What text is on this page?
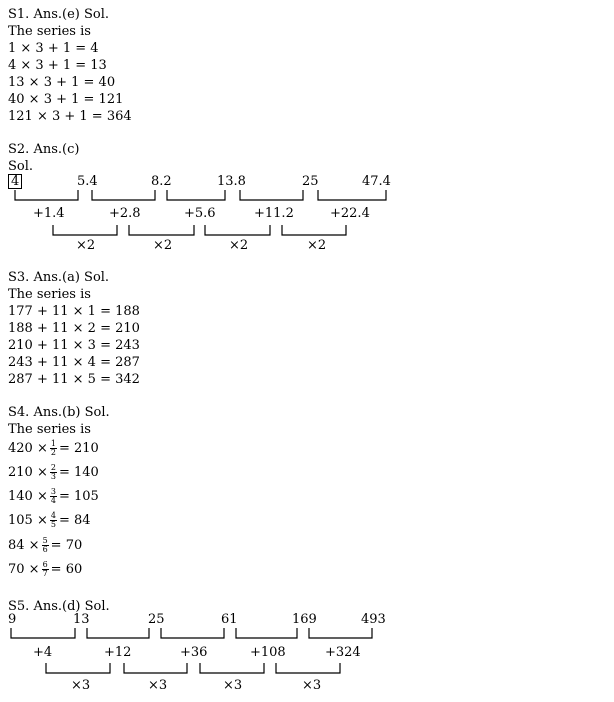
S1. Ans.(e) Sol.
The series is
1 × 3 + 1 = 4
4 × 3 + 1 = 13
13 × 3 + 1 = 40
40 × 3 + 1 = 121
121 × 3 + 1 = 364
S2. Ans.(c)
Sol.
4	5.4	8.2	13.8	25	47.4
+1.4	+2.8	+5.6	+11.2	+22.4
×2	×2	×2	×2
S3. Ans.(a) Sol.
The series is
177 + 11 × 1 = 188
188 + 11 × 2 = 210
210 + 11 × 3 = 243
243 + 11 × 4 = 287
287 + 11 × 5 = 342
S4. Ans.(b) Sol.
The series is
$420 \times \frac{1}{2} = 210$
$210 \times \frac{2}{3} = 140$
$140 \times \frac{3}{4} = 105$
$105 \times \frac{4}{5} = 84$
$84 \times \frac{5}{6} = 70$
$70 \times \frac{6}{7} = 60$
S5. Ans.(d) Sol.
9	13	25	61	169	493
+4	+12	+36	+108	+324
×3	×3	×3	×3
